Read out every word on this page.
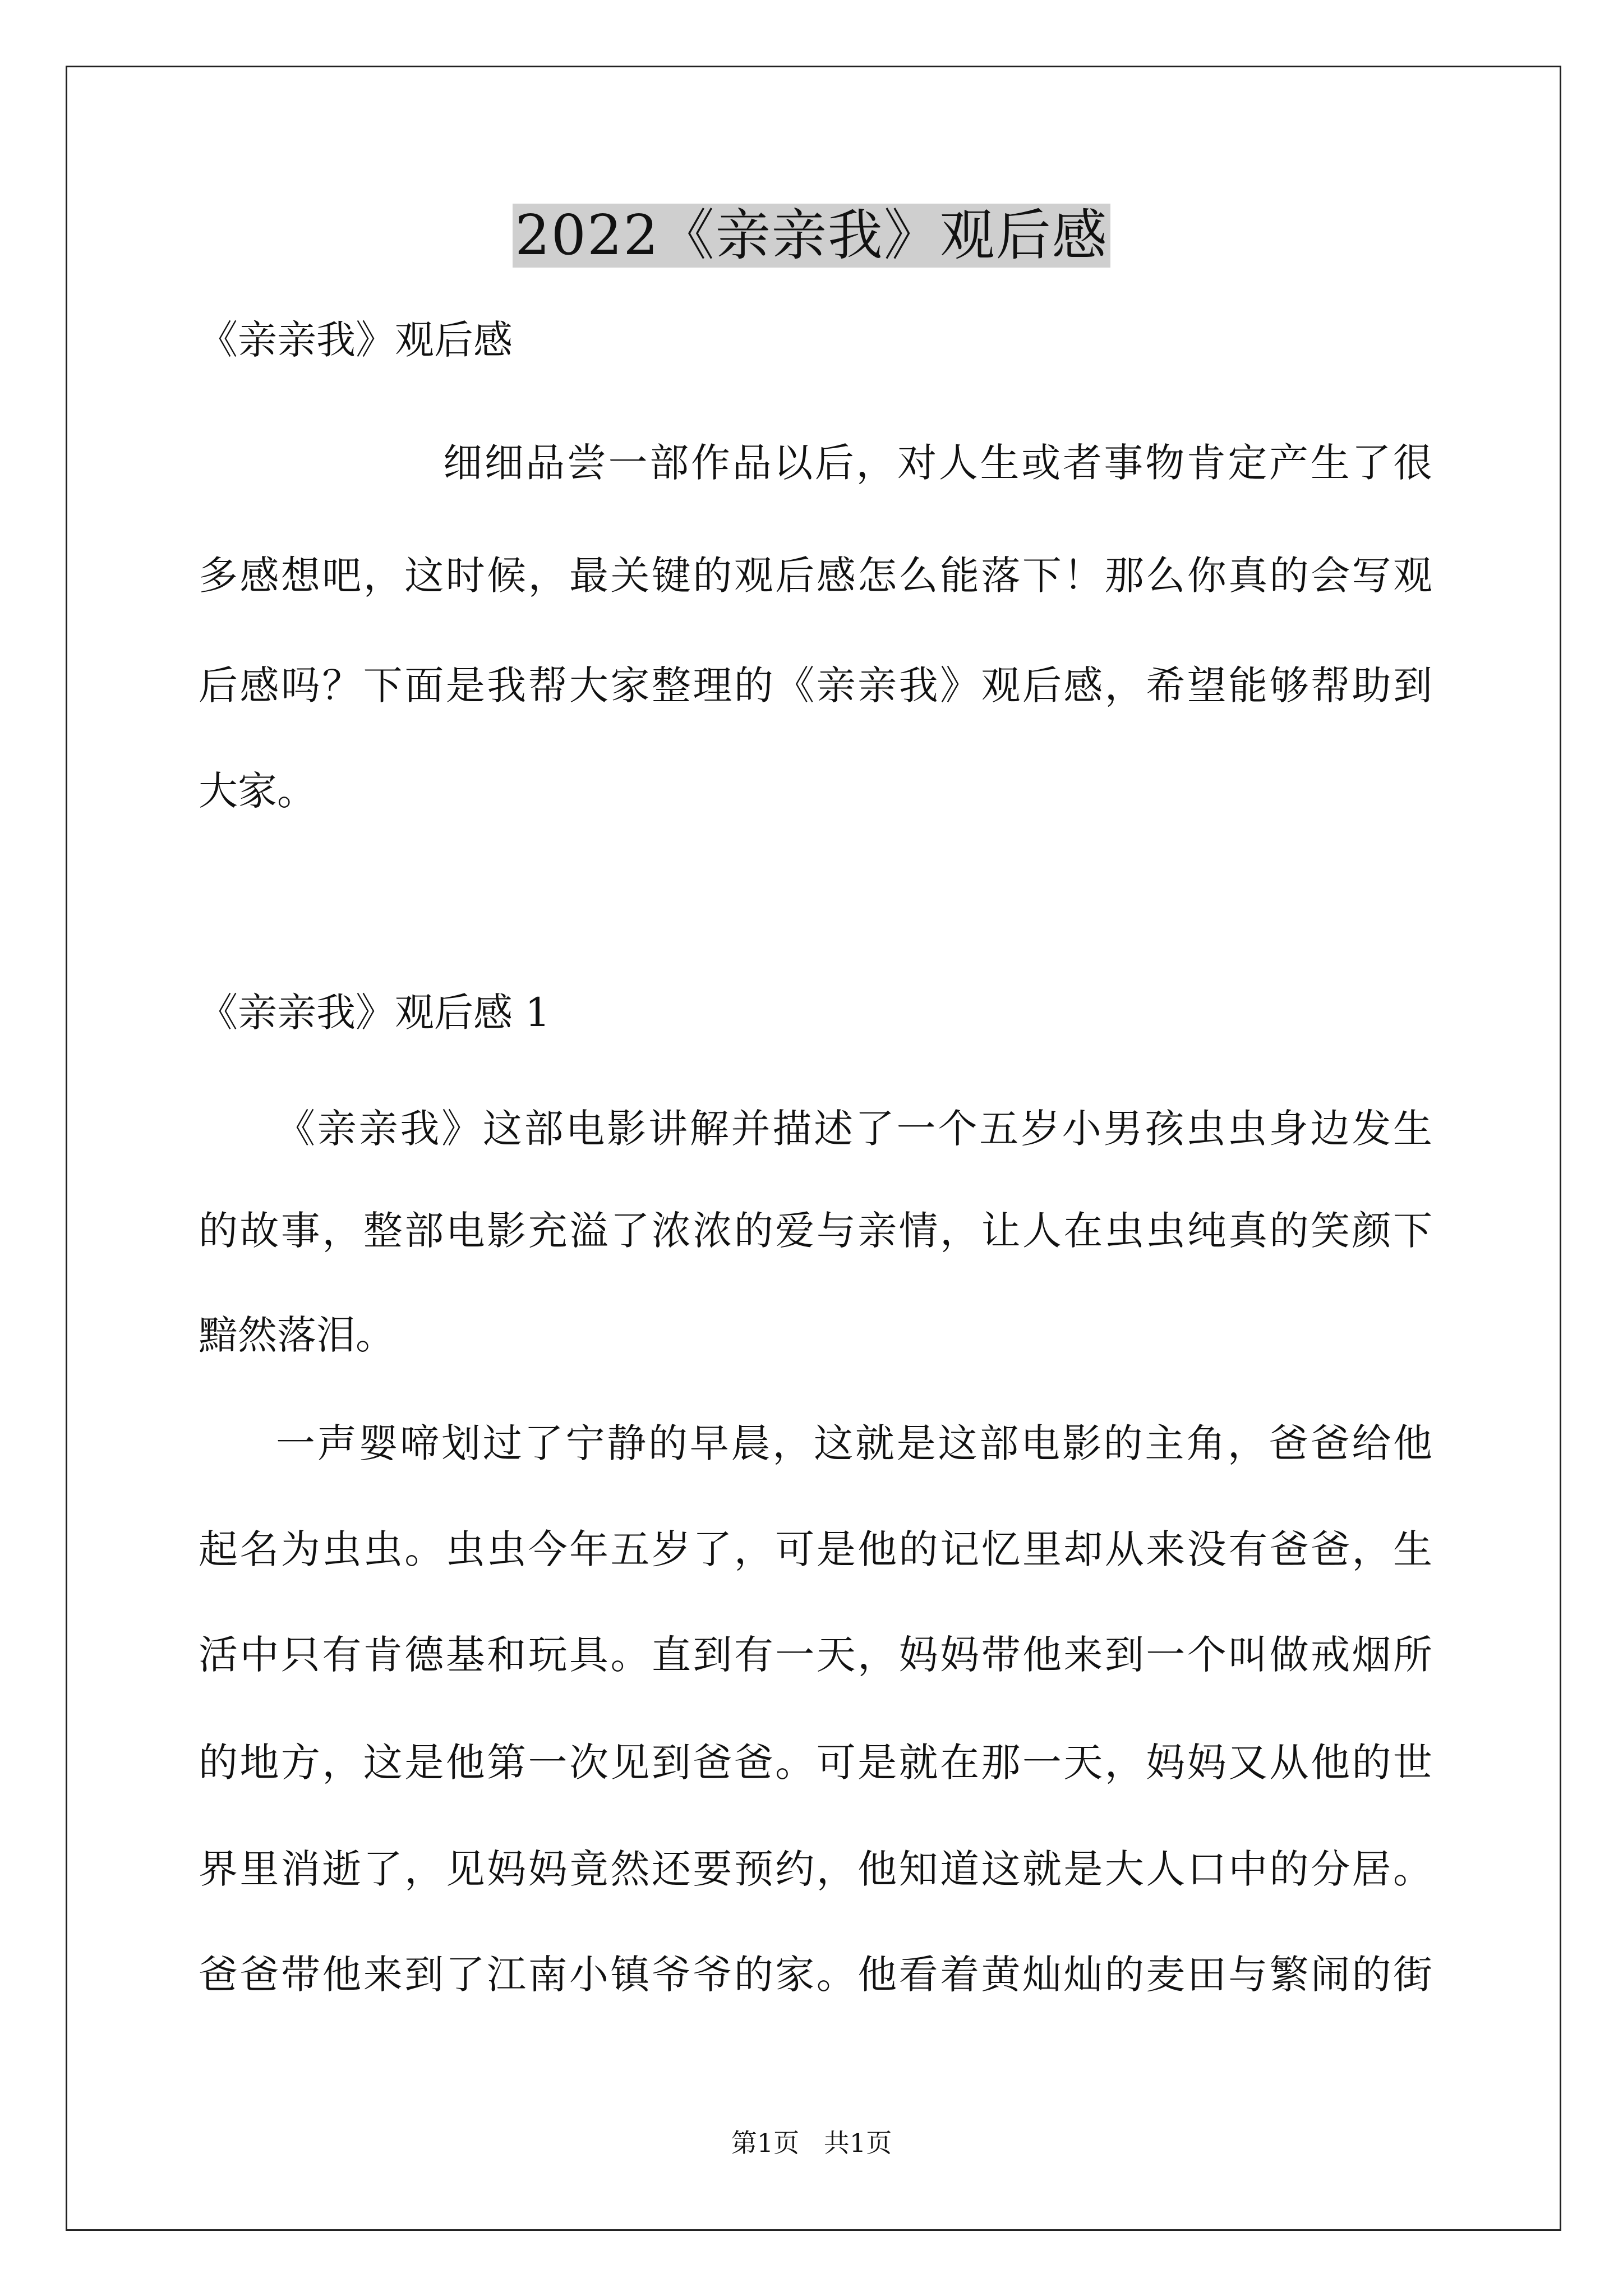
2022《亲亲我》观后感
《亲亲我》观后感
细细品尝一部作品以后，对人生或者事物肯定产生了很
多感想吧，这时候，最关键的观后感怎么能落下！那么你真的会写观
后感吗？下面是我帮大家整理的《亲亲我》观后感，希望能够帮助到
大家。
《亲亲我》观后感 1
《亲亲我》这部电影讲解并描述了一个五岁小男孩虫虫身边发生
的故事，整部电影充溢了浓浓的爱与亲情，让人在虫虫纯真的笑颜下
黯然落泪。
一声婴啼划过了宁静的早晨，这就是这部电影的主角，爸爸给他
起名为虫虫。虫虫今年五岁了，可是他的记忆里却从来没有爸爸，生
活中只有肯德基和玩具。直到有一天，妈妈带他来到一个叫做戒烟所
的地方，这是他第一次见到爸爸。可是就在那一天，妈妈又从他的世
界里消逝了，见妈妈竟然还要预约，他知道这就是大人口中的分居。
爸爸带他来到了江南小镇爷爷的家。他看着黄灿灿的麦田与繁闹的街
第1页   共1页
